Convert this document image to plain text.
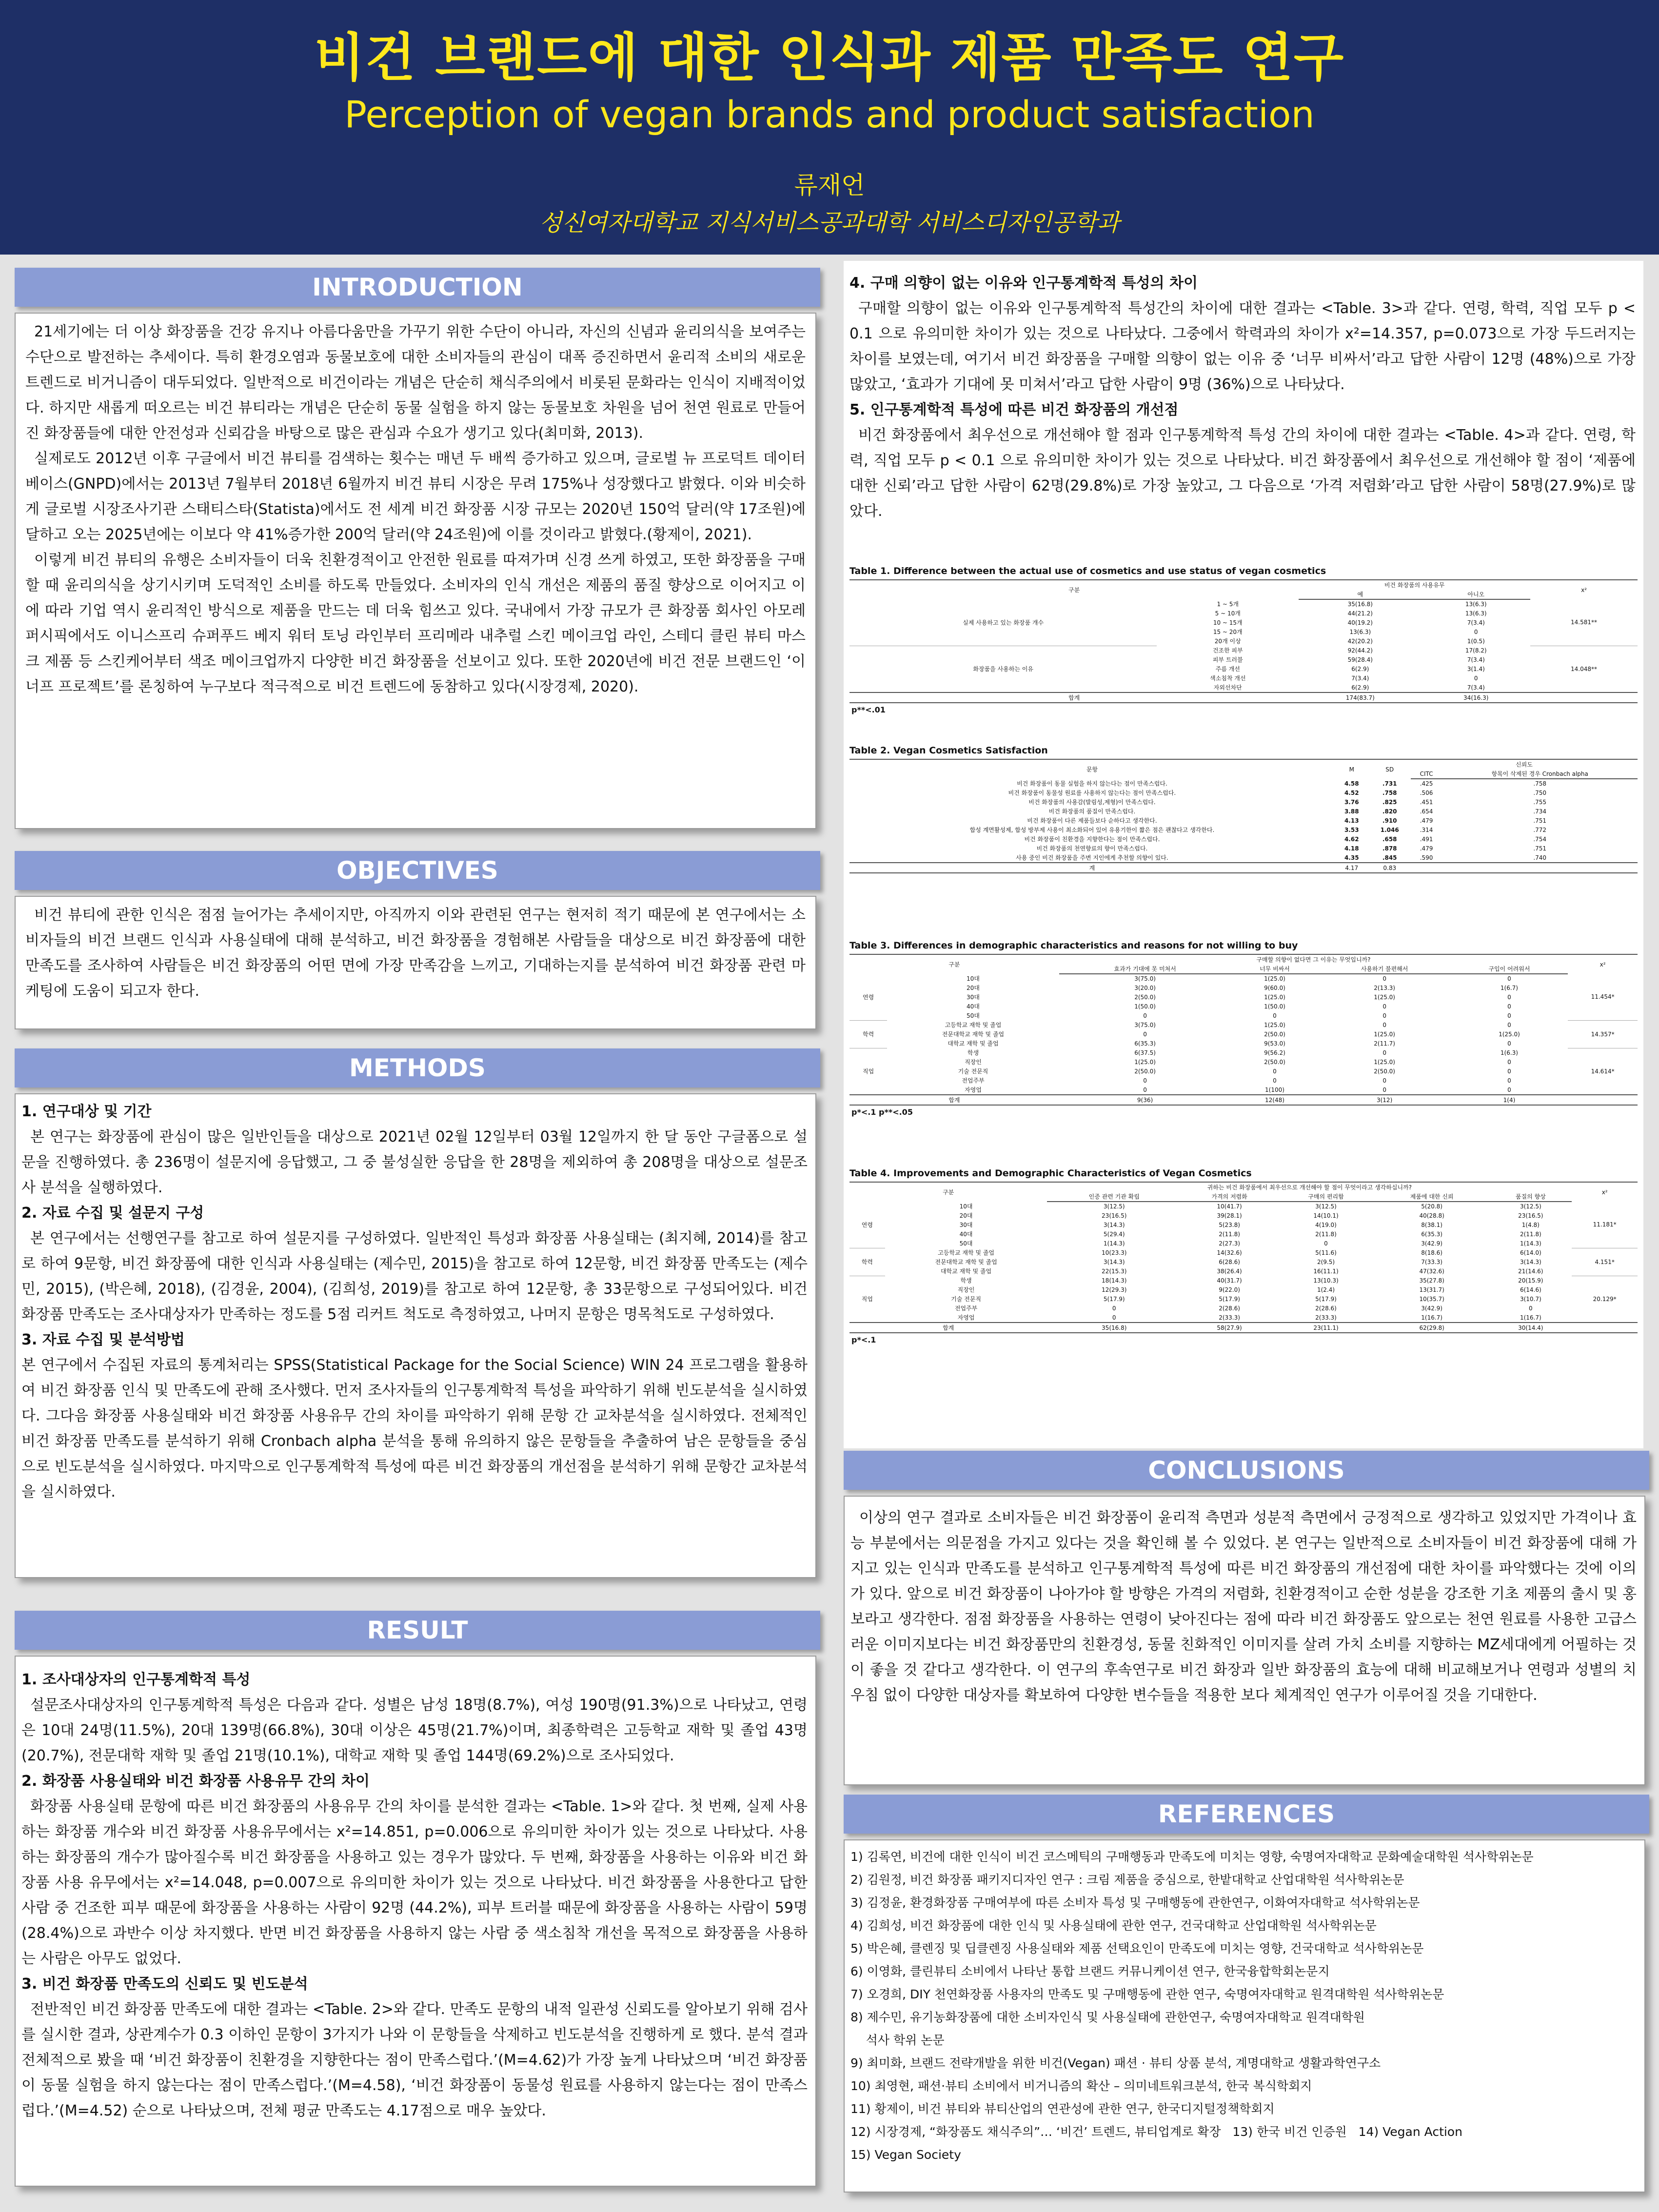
비건 브랜드에 대한 인식과 제품 만족도 연구
Perception of vegan brands and product satisfaction
류재언
성신여자대학교 지식서비스공과대학 서비스디자인공학과
INTRODUCTION

21세기에는 더 이상 화장품을 건강 유지나 아름다움만을 가꾸기 위한 수단이 아니라, 자신의 신념과 윤리의식을 보여주는 수단으로 발전하는 추세이다. 특히 환경오염과 동물보호에 대한 소비자들의 관심이 대폭 증진하면서 윤리적 소비의 새로운 트렌드로 비거니즘이 대두되었다. 일반적으로 비건이라는 개념은 단순히 채식주의에서 비롯된 문화라는 인식이 지배적이었다. 하지만 새롭게 떠오르는 비건 뷰티라는 개념은 단순히 동물 실험을 하지 않는 동물보호 차원을 넘어 천연 원료로 만들어진 화장품들에 대한 안전성과 신뢰감을 바탕으로 많은 관심과 수요가 생기고 있다(최미화, 2013).

실제로도 2012년 이후 구글에서 비건 뷰티를 검색하는 횟수는 매년 두 배씩 증가하고 있으며, 글로벌 뉴 프로덕트 데이터베이스(GNPD)에서는 2013년 7월부터 2018년 6월까지 비건 뷰티 시장은 무려 175%나 성장했다고 밝혔다. 이와 비슷하게 글로벌 시장조사기관 스태티스타(Statista)에서도 전 세계 비건 화장품 시장 규모는 2020년 150억 달러(약 17조원)에 달하고 오는 2025년에는 이보다 약 41%증가한 200억 달러(약 24조원)에 이를 것이라고 밝혔다.(황제이, 2021).

이렇게 비건 뷰티의 유행은 소비자들이 더욱 친환경적이고 안전한 원료를 따져가며 신경 쓰게 하였고, 또한 화장품을 구매할 때 윤리의식을 상기시키며 도덕적인 소비를 하도록 만들었다. 소비자의 인식 개선은 제품의 품질 향상으로 이어지고 이에 따라 기업 역시 윤리적인 방식으로 제품을 만드는 데 더욱 힘쓰고 있다. 국내에서 가장 규모가 큰 화장품 회사인 아모레퍼시픽에서도 이니스프리 슈퍼푸드 베지 워터 토닝 라인부터 프리메라 내추럴 스킨 메이크업 라인, 스테디 클린 뷰티 마스크 제품 등 스킨케어부터 색조 메이크업까지 다양한 비건 화장품을 선보이고 있다. 또한 2020년에 비건 전문 브랜드인 ‘이너프 프로젝트’를 론칭하여 누구보다 적극적으로 비건 트렌드에 동참하고 있다(시장경제, 2020).

OBJECTIVES

비건 뷰티에 관한 인식은 점점 늘어가는 추세이지만, 아직까지 이와 관련된 연구는 현저히 적기 때문에 본 연구에서는 소비자들의 비건 브랜드 인식과 사용실태에 대해 분석하고, 비건 화장품을 경험해본 사람들을 대상으로 비건 화장품에 대한 만족도를 조사하여 사람들은 비건 화장품의 어떤 면에 가장 만족감을 느끼고, 기대하는지를 분석하여 비건 화장품 관련 마케팅에 도움이 되고자 한다.

METHODS
1. 연구대상 및 기간

본 연구는 화장품에 관심이 많은 일반인들을 대상으로 2021년 02월 12일부터 03월 12일까지 한 달 동안 구글폼으로 설문을 진행하였다. 총 236명이 설문지에 응답했고, 그 중 불성실한 응답을 한 28명을 제외하여 총 208명을 대상으로 설문조사 분석을 실행하였다.

2. 자료 수집 및 설문지 구성

본 연구에서는 선행연구를 참고로 하여 설문지를 구성하였다. 일반적인 특성과 화장품 사용실태는 (최지혜, 2014)를 참고로 하여 9문항, 비건 화장품에 대한 인식과 사용실태는 (제수민, 2015)을 참고로 하여 12문항, 비건 화장품 만족도는 (제수민, 2015), (박은혜, 2018), (김경윤, 2004), (김희성, 2019)를 참고로 하여 12문항, 총 33문항으로 구성되어있다. 비건 화장품 만족도는 조사대상자가 만족하는 정도를 5점 리커트 척도로 측정하였고, 나머지 문항은 명목척도로 구성하였다.

3. 자료 수집 및 분석방법

본 연구에서 수집된 자료의 통계처리는 SPSS(Statistical Package for the Social Science) WIN 24 프로그램을 활용하여 비건 화장품 인식 및 만족도에 관해 조사했다. 먼저 조사자들의 인구통계학적 특성을 파악하기 위해 빈도분석을 실시하였다. 그다음 화장품 사용실태와 비건 화장품 사용유무 간의 차이를 파악하기 위해 문항 간 교차분석을 실시하였다. 전체적인 비건 화장품 만족도를 분석하기 위해 Cronbach alpha 분석을 통해 유의하지 않은 문항들을 추출하여 남은 문항들을 중심으로 빈도분석을 실시하였다. 마지막으로 인구통계학적 특성에 따른 비건 화장품의 개선점을 분석하기 위해 문항간 교차분석을 실시하였다.

RESULT
1. 조사대상자의 인구통계학적 특성

설문조사대상자의 인구통계학적 특성은 다음과 같다. 성별은 남성 18명(8.7%), 여성 190명(91.3%)으로 나타났고, 연령은 10대 24명(11.5%), 20대 139명(66.8%), 30대 이상은 45명(21.7%)이며, 최종학력은 고등학교 재학 및 졸업 43명(20.7%), 전문대학 재학 및 졸업 21명(10.1%), 대학교 재학 및 졸업 144명(69.2%)으로 조사되었다.

2. 화장품 사용실태와 비건 화장품 사용유무 간의 차이

화장품 사용실태 문항에 따른 비건 화장품의 사용유무 간의 차이를 분석한 결과는 <Table. 1>와 같다. 첫 번째, 실제 사용하는 화장품 개수와 비건 화장품 사용유무에서는 x²=14.851, p=0.006으로 유의미한 차이가 있는 것으로 나타났다. 사용하는 화장품의 개수가 많아질수록 비건 화장품을 사용하고 있는 경우가 많았다. 두 번째, 화장품을 사용하는 이유와 비건 화장품 사용 유무에서는 x²=14.048, p=0.007으로 유의미한 차이가 있는 것으로 나타났다. 비건 화장품을 사용한다고 답한 사람 중 건조한 피부 때문에 화장품을 사용하는 사람이 92명 (44.2%), 피부 트러블 때문에 화장품을 사용하는 사람이 59명 (28.4%)으로 과반수 이상 차지했다. 반면 비건 화장품을 사용하지 않는 사람 중 색소침착 개선을 목적으로 화장품을 사용하는 사람은 아무도 없었다.

3. 비건 화장품 만족도의 신뢰도 및 빈도분석

전반적인 비건 화장품 만족도에 대한 결과는 <Table. 2>와 같다. 만족도 문항의 내적 일관성 신뢰도를 알아보기 위해 검사를 실시한 결과, 상관계수가 0.3 이하인 문항이 3가지가 나와 이 문항들을 삭제하고 빈도분석을 진행하게 로 했다. 분석 결과 전체적으로 봤을 때 ‘비건 화장품이 친환경을 지향한다는 점이 만족스럽다.’(M=4.62)가 가장 높게 나타났으며 ‘비건 화장품이 동물 실험을 하지 않는다는 점이 만족스럽다.’(M=4.58), ‘비건 화장품이 동물성 원료를 사용하지 않는다는 점이 만족스럽다.’(M=4.52) 순으로 나타났으며, 전체 평균 만족도는 4.17점으로 매우 높았다.

4. 구매 의향이 없는 이유와 인구통계학적 특성의 차이

구매할 의향이 없는 이유와 인구통계학적 특성간의 차이에 대한 결과는 <Table. 3>과 같다. 연령, 학력, 직업 모두 p < 0.1 으로 유의미한 차이가 있는 것으로 나타났다. 그중에서 학력과의 차이가 x²=14.357, p=0.073으로 가장 두드러지는 차이를 보였는데, 여기서 비건 화장품을 구매할 의향이 없는 이유 중 ‘너무 비싸서’라고 답한 사람이 12명 (48%)으로 가장 많았고, ‘효과가 기대에 못 미쳐서’라고 답한 사람이 9명 (36%)으로 나타났다.

5. 인구통계학적 특성에 따른 비건 화장품의 개선점

비건 화장품에서 최우선으로 개선해야 할 점과 인구통계학적 특성 간의 차이에 대한 결과는 <Table. 4>과 같다. 연령, 학력, 직업 모두 p < 0.1 으로 유의미한 차이가 있는 것으로 나타났다. 비건 화장품에서 최우선으로 개선해야 할 점이 ‘제품에 대한 신뢰’라고 답한 사람이 62명(29.8%)로 가장 높았고, 그 다음으로 ‘가격 저렴화’라고 답한 사람이 58명(27.9%)로 많았다.

Table 1. Difference between the actual use of cosmetics and use status of vegan cosmetics
구분		비건 화장품의 사용유무		x²
		예	아니오	
실제 사용하고 있는 화장품 개수	1 ~ 5개	35(16.8)	13(6.3)	14.581**
	5 ~ 10개	44(21.2)	13(6.3)	
	10 ~ 15개	40(19.2)	7(3.4)	
	15 ~ 20개	13(6.3)	0	
	20개 이상	42(20.2)	1(0.5)	
화장품을 사용하는 이유	건조한 피부	92(44.2)	17(8.2)	14.048**
	피부 트러블	59(28.4)	7(3.4)	
	주름 개선	6(2.9)	3(1.4)	
	색소침착 개선	7(3.4)	0	
	자외선차단	6(2.9)	7(3.4)	
합계		174(83.7)	34(16.3)	
p**<.01
Table 2. Vegan Cosmetics Satisfaction
문항	M	SD	신뢰도	
			CITC	항목이 삭제된 경우 Cronbach alpha
비건 화장품이 동물 실험을 하지 않는다는 점이 만족스럽다.	4.58	.731	.425	.758
비건 화장품이 동물성 원료를 사용하지 않는다는 점이 만족스럽다.	4.52	.758	.506	.750
비건 화장품의 사용감(발림성,제형)이 만족스럽다.	3.76	.825	.451	.755
비건 화장품의 품질이 만족스럽다.	3.88	.820	.654	.734
비건 화장품이 다른 제품들보다 순하다고 생각한다.	4.13	.910	.479	.751
합성 계면활성제, 합성 방부제 사용이 최소화되어 있어 유용기한이 짧은 점은 괜찮다고 생각한다.	3.53	1.046	.314	.772
비건 화장품이 친환경을 지향한다는 점이 만족스럽다.	4.62	.658	.491	.754
비건 화장품의 천연향료의 향이 만족스럽다.	4.18	.878	.479	.751
사용 중인 비건 화장품을 주변 지인에게 추천할 의향이 있다.	4.35	.845	.590	.740
계	4.17	0.83		
Table 3. Differences in demographic characteristics and reasons for not willing to buy
구분		구매할 의향이 없다면 그 이유는 무엇입니까?				x²
		효과가 기대에 못 미쳐서	너무 비싸서	사용하기 불편해서	구입이 어려워서	
연령	10대	3(75.0)	1(25.0)	0	0	11.454*
	20대	3(20.0)	9(60.0)	2(13.3)	1(6.7)	
	30대	2(50.0)	1(25.0)	1(25.0)	0	
	40대	1(50.0)	1(50.0)	0	0	
	50대	0	0	0	0	
학력	고등학교 재학 및 졸업	3(75.0)	1(25.0)	0	0	14.357*
	전문대학교 재학 및 졸업	0	2(50.0)	1(25.0)	1(25.0)	
	대학교 재학 및 졸업	6(35.3)	9(53.0)	2(11.7)	0	
직업	학생	6(37.5)	9(56.2)	0	1(6.3)	14.614*
	직장인	1(25.0)	2(50.0)	1(25.0)	0	
	기술 전문직	2(50.0)	0	2(50.0)	0	
	전업주부	0	0	0	0	
	자영업	0	1(100)	0	0	
합계		9(36)	12(48)	3(12)	1(4)	
p*<.1 p**<.05
Table 4. Improvements and Demographic Characteristics of Vegan Cosmetics
구분		귀하는 비건 화장품에서 최우선으로 개선해야 할 점이 무엇이라고 생각하십니까?					x²
		인증 관련 기관 확립	가격의 저렴화	구매의 편리함	제품에 대한 신뢰	품질의 향상	
연령	10대	3(12.5)	10(41.7)	3(12.5)	5(20.8)	3(12.5)	11.181*
	20대	23(16.5)	39(28.1)	14(10.1)	40(28.8)	23(16.5)	
	30대	3(14.3)	5(23.8)	4(19.0)	8(38.1)	1(4.8)	
	40대	5(29.4)	2(11.8)	2(11.8)	6(35.3)	2(11.8)	
	50대	1(14.3)	2(27.3)	0	3(42.9)	1(14.3)	
학력	고등학교 재학 및 졸업	10(23.3)	14(32.6)	5(11.6)	8(18.6)	6(14.0)	4.151*
	전문대학교 재학 및 졸업	3(14.3)	6(28.6)	2(9.5)	7(33.3)	3(14.3)	
	대학교 재학 및 졸업	22(15.3)	38(26.4)	16(11.1)	47(32.6)	21(14.6)	
직업	학생	18(14.3)	40(31.7)	13(10.3)	35(27.8)	20(15.9)	20.129*
	직장인	12(29.3)	9(22.0)	1(2.4)	13(31.7)	6(14.6)	
	기술 전문직	5(17.9)	5(17.9)	5(17.9)	10(35.7)	3(10.7)	
	전업주부	0	2(28.6)	2(28.6)	3(42.9)	0	
	자영업	0	2(33.3)	2(33.3)	1(16.7)	1(16.7)	
합계		35(16.8)	58(27.9)	23(11.1)	62(29.8)	30(14.4)	
p*<.1
CONCLUSIONS

이상의 연구 결과로 소비자들은 비건 화장품이 윤리적 측면과 성분적 측면에서 긍정적으로 생각하고 있었지만 가격이나 효능 부분에서는 의문점을 가지고 있다는 것을 확인해 볼 수 있었다. 본 연구는 일반적으로 소비자들이 비건 화장품에 대해 가지고 있는 인식과 만족도를 분석하고 인구통계학적 특성에 따른 비건 화장품의 개선점에 대한 차이를 파악했다는 것에 이의가 있다. 앞으로 비건 화장품이 나아가야 할 방향은 가격의 저렴화, 친환경적이고 순한 성분을 강조한 기초 제품의 출시 및 홍보라고 생각한다. 점점 화장품을 사용하는 연령이 낮아진다는 점에 따라 비건 화장품도 앞으로는 천연 원료를 사용한 고급스러운 이미지보다는 비건 화장품만의 친환경성, 동물 친화적인 이미지를 살려 가치 소비를 지향하는 MZ세대에게 어필하는 것이 좋을 것 같다고 생각한다. 이 연구의 후속연구로 비건 화장과 일반 화장품의 효능에 대해 비교해보거나 연령과 성별의 치우침 없이 다양한 대상자를 확보하여 다양한 변수들을 적용한 보다 체계적인 연구가 이루어질 것을 기대한다.

REFERENCES
1) 김록연, 비건에 대한 인식이 비건 코스메틱의 구매행동과 만족도에 미치는 영향, 숙명여자대학교 문화예술대학원 석사학위논문
2) 김원정, 비건 화장품 패키지디자인 연구 : 크림 제품을 중심으로, 한밭대학교 산업대학원 석사학위논문
3) 김정윤, 환경화장품 구매여부에 따른 소비자 특성 및 구매행동에 관한연구, 이화여자대학교 석사학위논문
4) 김희성, 비건 화장품에 대한 인식 및 사용실태에 관한 연구, 건국대학교 산업대학원 석사학위논문
5) 박은혜, 클렌징 및 딥클렌징 사용실태와 제품 선택요인이 만족도에 미치는 영향, 건국대학교 석사학위논문
6) 이영화, 클린뷰티 소비에서 나타난 통합 브랜드 커뮤니케이션 연구, 한국융합학회논문지
7) 오경희, DIY 천연화장품 사용자의 만족도 및 구매행동에 관한 연구, 숙명여자대학교 원격대학원 석사학위논문
8) 제수민, 유기농화장품에 대한 소비자인식 및 사용실태에 관한연구, 숙명여자대학교 원격대학원
석사 학위 논문
9) 최미화, 브랜드 전략개발을 위한 비건(Vegan) 패션 · 뷰티 상품 분석, 계명대학교 생활과학연구소
10) 최영현, 패션·뷰티 소비에서 비거니즘의 확산 – 의미네트워크분석, 한국 복식학회지
11) 황제이, 비건 뷰티와 뷰티산업의 연관성에 관한 연구, 한국디지털정책학회지
12) 시장경제, “화장품도 채식주의”… ‘비건’ 트렌드, 뷰티업계로 확장   13) 한국 비건 인증원   14) Vegan Action
15) Vegan Society
